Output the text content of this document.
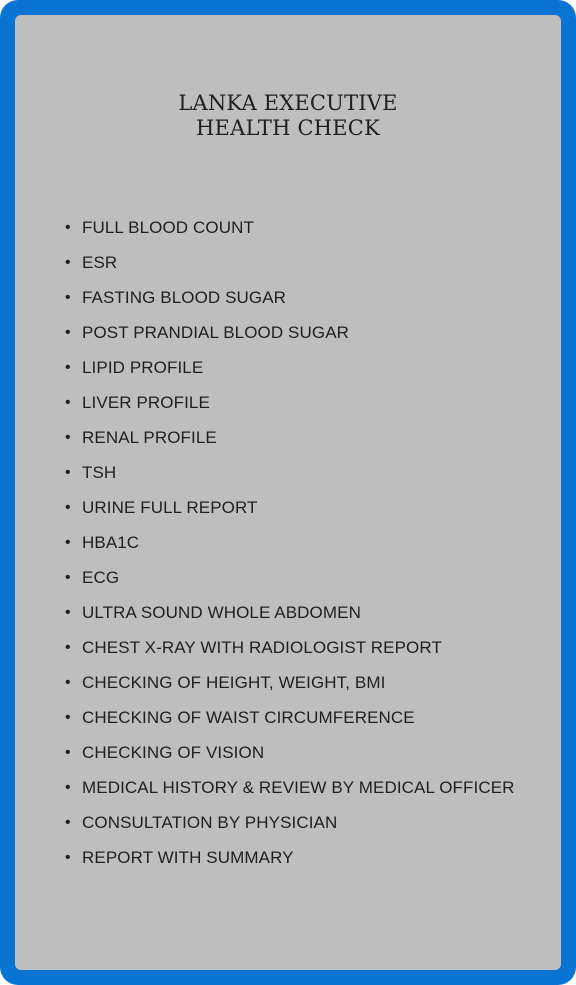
LANKA EXECUTIVE
HEALTH CHECK
• FULL BLOOD COUNT
• ESR
• FASTING BLOOD SUGAR
• POST PRANDIAL BLOOD SUGAR
• LIPID PROFILE
• LIVER PROFILE
• RENAL PROFILE
• TSH
• URINE FULL REPORT
• HBA1C
• ECG
• ULTRA SOUND WHOLE ABDOMEN
• CHEST X-RAY WITH RADIOLOGIST REPORT
• CHECKING OF HEIGHT, WEIGHT, BMI
• CHECKING OF WAIST CIRCUMFERENCE
• CHECKING OF VISION
• MEDICAL HISTORY & REVIEW BY MEDICAL OFFICER
• CONSULTATION BY PHYSICIAN
• REPORT WITH SUMMARY
